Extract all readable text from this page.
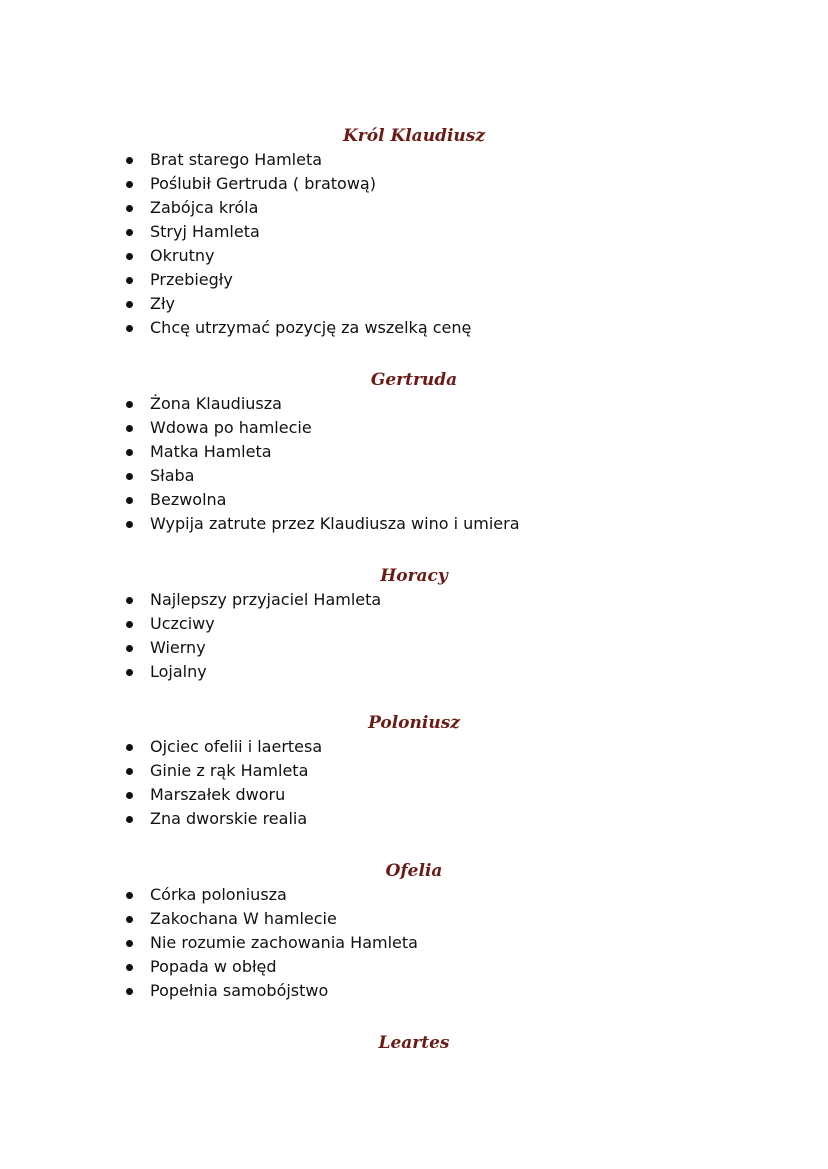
Król Klaudiusz
Brat starego Hamleta
Poślubił Gertruda ( bratową)
Zabójca króla
Stryj Hamleta
Okrutny
Przebiegły
Zły
Chcę utrzymać pozycję za wszelką cenę
Gertruda
Żona Klaudiusza
Wdowa po hamlecie
Matka Hamleta
Słaba
Bezwolna
Wypija zatrute przez Klaudiusza wino i umiera
Horacy
Najlepszy przyjaciel Hamleta
Uczciwy
Wierny
Lojalny
Poloniusz
Ojciec ofelii i laertesa
Ginie z rąk Hamleta
Marszałek dworu
Zna dworskie realia
Ofelia
Córka poloniusza
Zakochana W hamlecie
Nie rozumie zachowania Hamleta
Popada w obłęd
Popełnia samobójstwo
Leartes
